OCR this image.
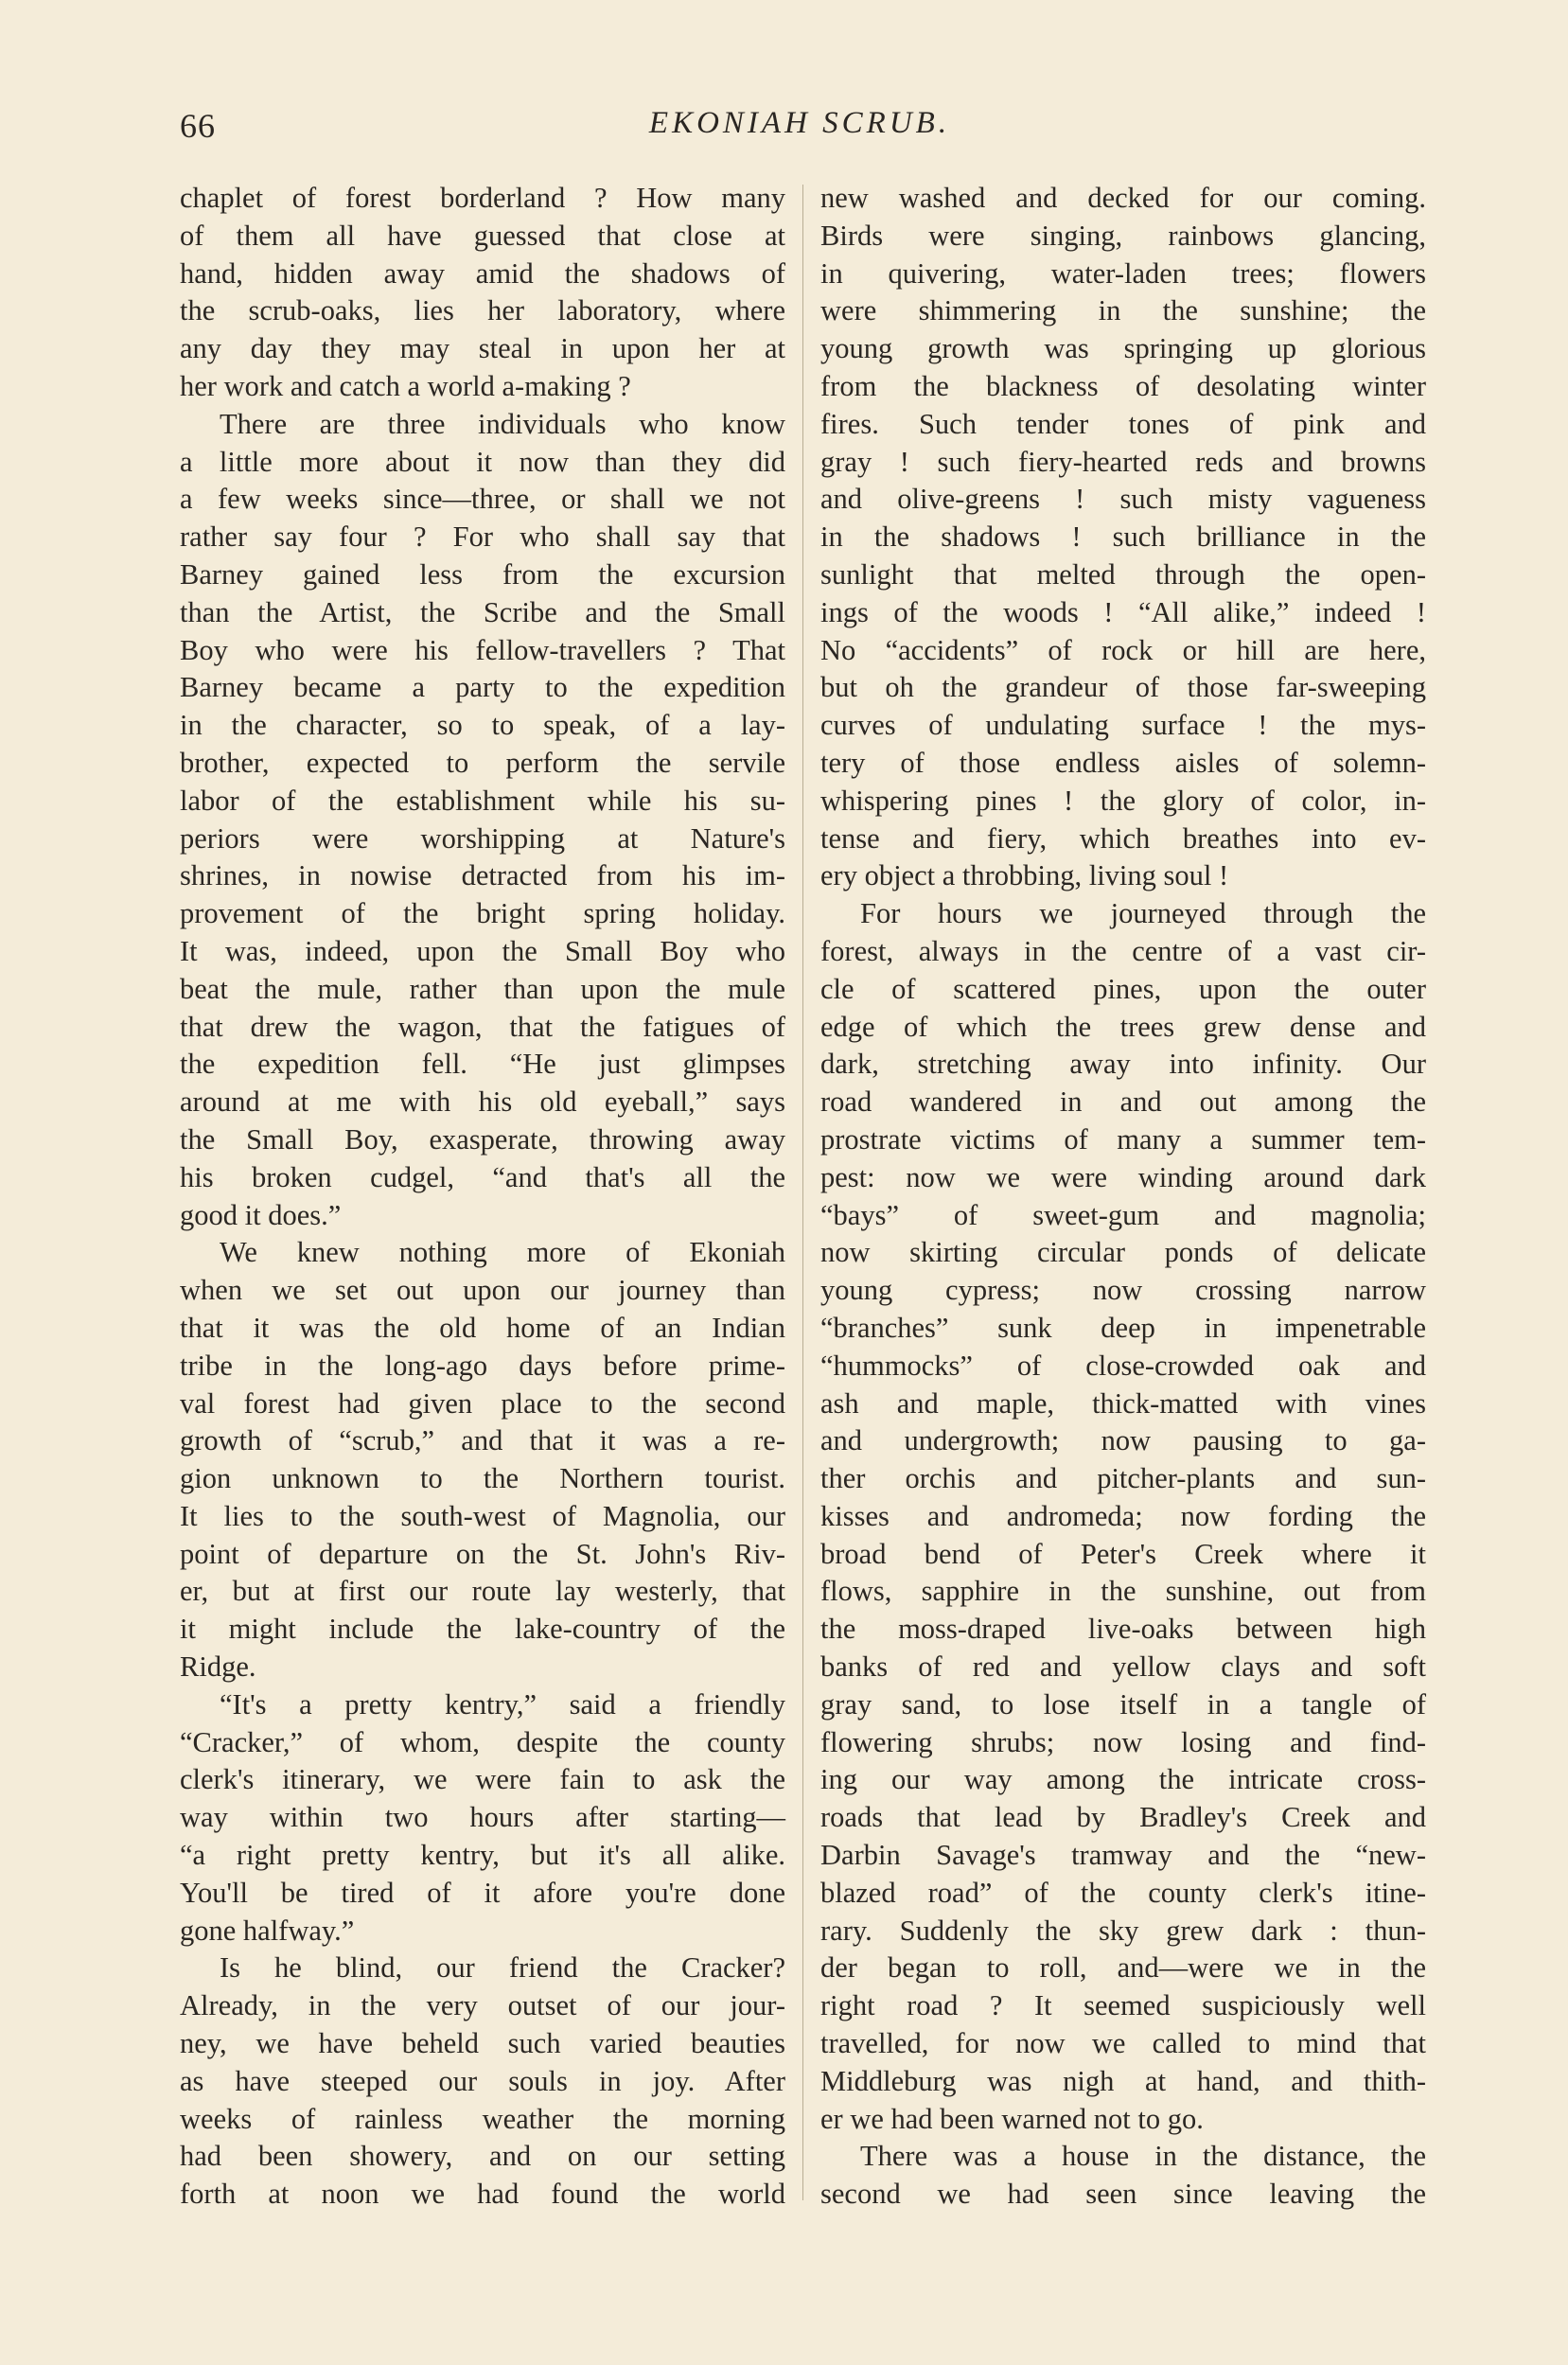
66	EKONIAH SCRUB.
chaplet of forest borderland ? How many
of them all have guessed that close at
hand, hidden away amid the shadows of
the scrub-oaks, lies her laboratory, where
any day they may steal in upon her at
her work and catch a world a-making ?
There are three individuals who know
a little more about it now than they did
a few weeks since—three, or shall we not
rather say four ? For who shall say that
Barney gained less from the excursion
than the Artist, the Scribe and the Small
Boy who were his fellow-travellers ? That
Barney became a party to the expedition
in the character, so to speak, of a lay-
brother, expected to perform the servile
labor of the establishment while his su-
periors were worshipping at Nature's
shrines, in nowise detracted from his im-
provement of the bright spring holiday.
It was, indeed, upon the Small Boy who
beat the mule, rather than upon the mule
that drew the wagon, that the fatigues of
the expedition fell. “He just glimpses
around at me with his old eyeball,” says
the Small Boy, exasperate, throwing away
his broken cudgel, “and that's all the
good it does.”
We knew nothing more of Ekoniah
when we set out upon our journey than
that it was the old home of an Indian
tribe in the long-ago days before prime-
val forest had given place to the second
growth of “scrub,” and that it was a re-
gion unknown to the Northern tourist.
It lies to the south-west of Magnolia, our
point of departure on the St. John's Riv-
er, but at first our route lay westerly, that
it might include the lake-country of the
Ridge.
“It's a pretty kentry,” said a friendly
“Cracker,” of whom, despite the county
clerk's itinerary, we were fain to ask the
way within two hours after starting—
“a right pretty kentry, but it's all alike.
You'll be tired of it afore you're done
gone halfway.”
Is he blind, our friend the Cracker?
Already, in the very outset of our jour-
ney, we have beheld such varied beauties
as have steeped our souls in joy. After
weeks of rainless weather the morning
had been showery, and on our setting
forth at noon we had found the world
new washed and decked for our coming.
Birds were singing, rainbows glancing,
in quivering, water-laden trees; flowers
were shimmering in the sunshine; the
young growth was springing up glorious
from the blackness of desolating winter
fires. Such tender tones of pink and
gray ! such fiery-hearted reds and browns
and olive-greens ! such misty vagueness
in the shadows ! such brilliance in the
sunlight that melted through the open-
ings of the woods ! “All alike,” indeed !
No “accidents” of rock or hill are here,
but oh the grandeur of those far-sweeping
curves of undulating surface ! the mys-
tery of those endless aisles of solemn-
whispering pines ! the glory of color, in-
tense and fiery, which breathes into ev-
ery object a throbbing, living soul !
For hours we journeyed through the
forest, always in the centre of a vast cir-
cle of scattered pines, upon the outer
edge of which the trees grew dense and
dark, stretching away into infinity. Our
road wandered in and out among the
prostrate victims of many a summer tem-
pest: now we were winding around dark
“bays” of sweet-gum and magnolia;
now skirting circular ponds of delicate
young cypress; now crossing narrow
“branches” sunk deep in impenetrable
“hummocks” of close-crowded oak and
ash and maple, thick-matted with vines
and undergrowth; now pausing to ga-
ther orchis and pitcher-plants and sun-
kisses and andromeda; now fording the
broad bend of Peter's Creek where it
flows, sapphire in the sunshine, out from
the moss-draped live-oaks between high
banks of red and yellow clays and soft
gray sand, to lose itself in a tangle of
flowering shrubs; now losing and find-
ing our way among the intricate cross-
roads that lead by Bradley's Creek and
Darbin Savage's tramway and the “new-
blazed road” of the county clerk's itine-
rary. Suddenly the sky grew dark : thun-
der began to roll, and—were we in the
right road ? It seemed suspiciously well
travelled, for now we called to mind that
Middleburg was nigh at hand, and thith-
er we had been warned not to go.
There was a house in the distance, the
second we had seen since leaving the
